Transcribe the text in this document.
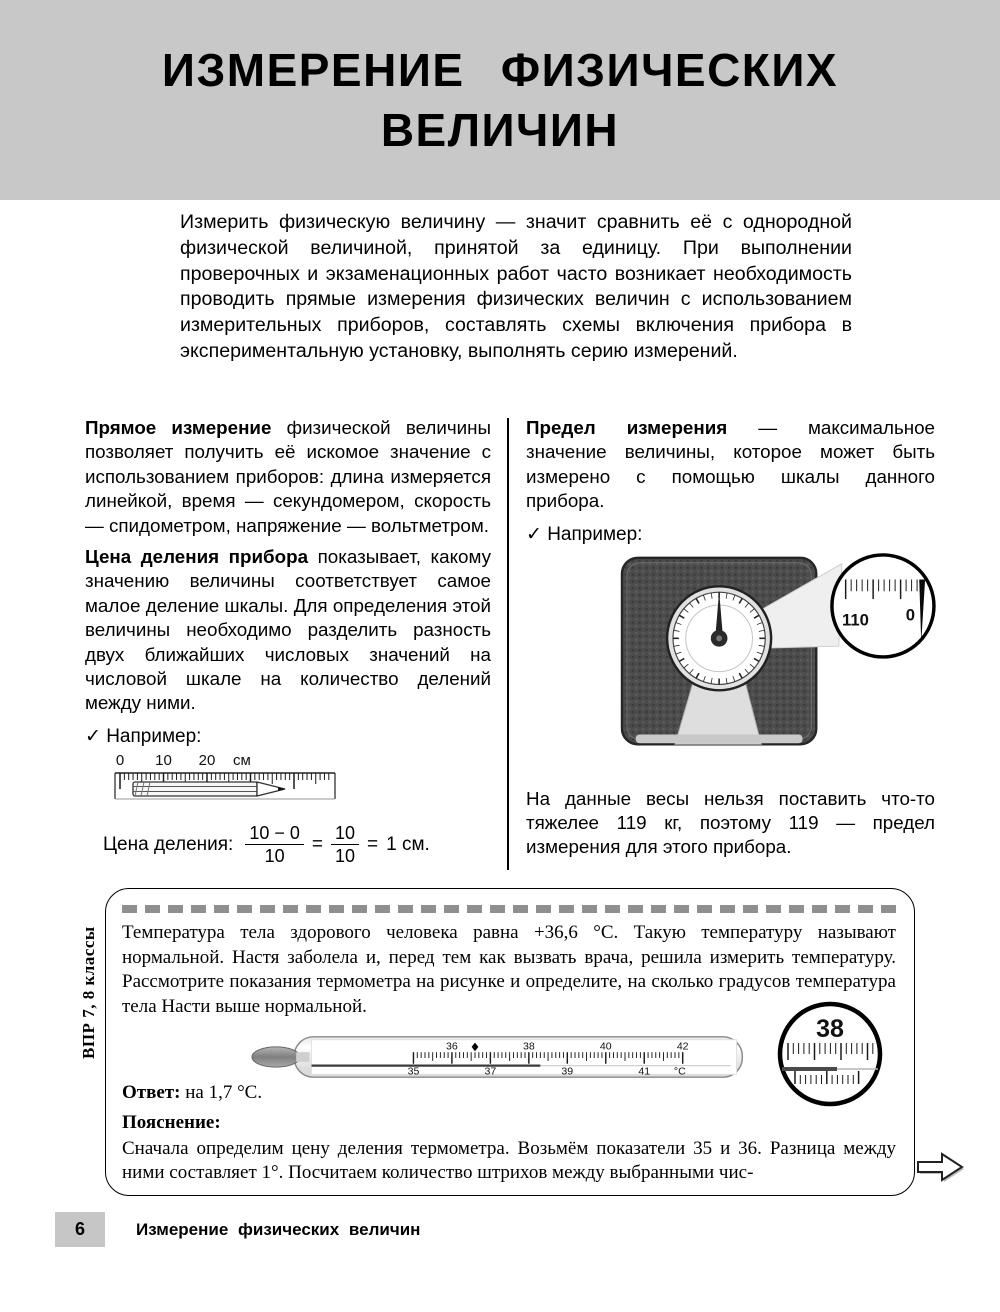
ИЗМЕРЕНИЕ ФИЗИЧЕСКИХ
ВЕЛИЧИН

Измерить физическую величину — значит сравнить её с однородной физической величиной, принятой за единицу. При выполнении проверочных и экзаменационных работ часто возникает необходимость проводить прямые измерения физических величин с использованием измерительных приборов, составлять схемы включения прибора в экспериментальную установку, выполнять серию измерений.

Прямое измерение физической величины позволяет получить её искомое значение с использованием приборов: длина измеряется линейкой, время — секундомером, скорость — спидометром, напряжение — вольтметром.

Цена деления прибора показывает, какому значению величины соответствует самое малое деление шкалы. Для определения этой величины необходимо разделить разность двух ближайших числовых значений на числовой шкале на количество делений между ними.

✓ Например:

0 10 20 см
Цена деления: $\frac{10 - 0}{10} = \frac{10}{10} = 1$ см.

Предел измерения — максимальное значение величины, которое может быть измерено с помощью шкалы данного прибора.

✓ Например:

110 0

На данные весы нельзя поставить что-то тяжелее 119 кг, поэтому 119 — предел измерения для этого прибора.

Температура тела здорового человека равна +36,6 °С. Такую температуру называют нормальной. Настя заболела и, перед тем как вызвать врача, решила измерить температуру. Рассмотрите показания термометра на рисунке и определите, на сколько градусов температура тела Насти выше нормальной.

36	38	40	42
35	37	39	41 °С
38

Ответ: на 1,7 °С.

Пояснение:

Сначала определим цену деления термометра. Возьмём показатели 35 и 36. Разница между ними составляет 1°. Посчитаем количество штрихов между выбранными чис-

ВПР 7, 8 классы
6	Измерение физических величин
